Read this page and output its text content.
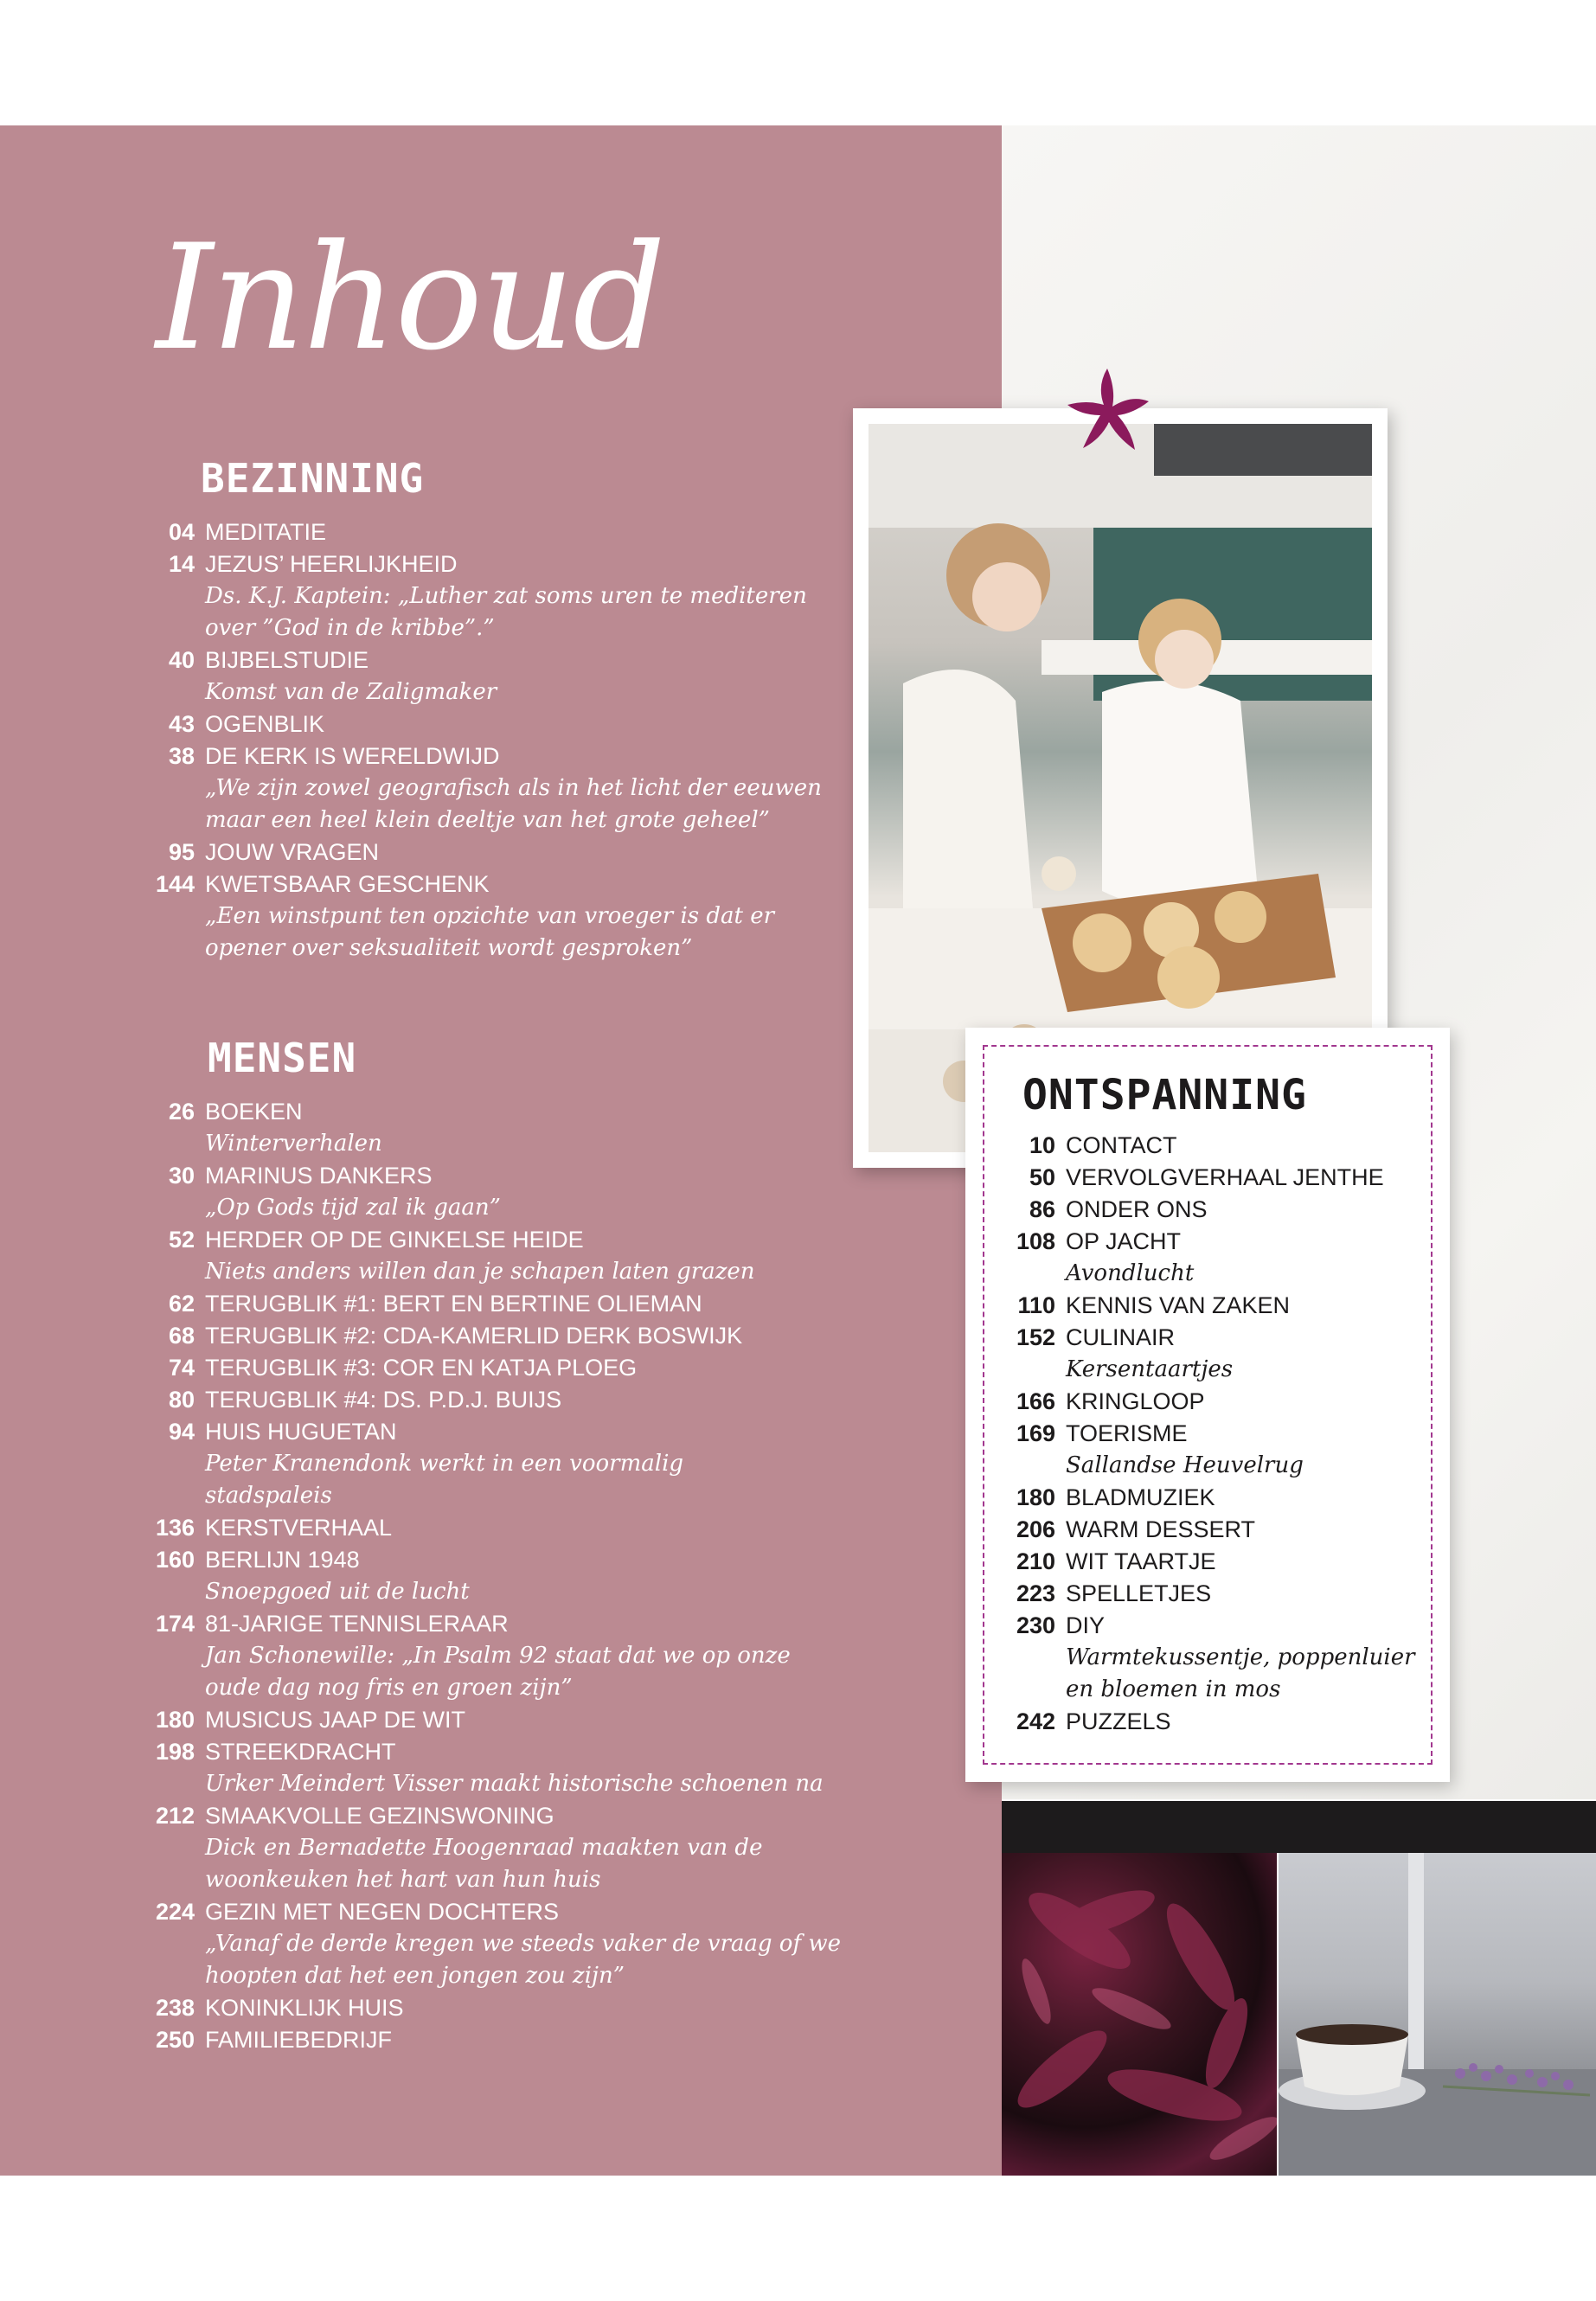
Inhoud
BEZINNING
04 MEDITATIE
14 JEZUS’ HEERLIJKHEID
Ds. K.J. Kaptein: „Luther zat soms uren te mediteren
over ”God in de kribbe”.”
40 BIJBELSTUDIE
Komst van de Zaligmaker
43 OGENBLIK
38 DE KERK IS WERELDWIJD
„We zijn zowel geografisch als in het licht der eeuwen
maar een heel klein deeltje van het grote geheel”
95 JOUW VRAGEN
144 KWETSBAAR GESCHENK
„Een winstpunt ten opzichte van vroeger is dat er
opener over seksualiteit wordt gesproken”
MENSEN
26 BOEKEN
Winterverhalen
30 MARINUS DANKERS
„Op Gods tijd zal ik gaan”
52 HERDER OP DE GINKELSE HEIDE
Niets anders willen dan je schapen laten grazen
62 TERUGBLIK #1: BERT EN BERTINE OLIEMAN
68 TERUGBLIK #2: CDA-KAMERLID DERK BOSWIJK
74 TERUGBLIK #3: COR EN KATJA PLOEG
80 TERUGBLIK #4: DS. P.D.J. BUIJS
94 HUIS HUGUETAN
Peter Kranendonk werkt in een voormalig
stadspaleis
136 KERSTVERHAAL
160 BERLIJN 1948
Snoepgoed uit de lucht
174 81-JARIGE TENNISLERAAR
Jan Schonewille: „In Psalm 92 staat dat we op onze
oude dag nog fris en groen zijn”
180 MUSICUS JAAP DE WIT
198 STREEKDRACHT
Urker Meindert Visser maakt historische schoenen na
212 SMAAKVOLLE GEZINSWONING
Dick en Bernadette Hoogenraad maakten van de
woonkeuken het hart van hun huis
224 GEZIN MET NEGEN DOCHTERS
„Vanaf de derde kregen we steeds vaker de vraag of we
hoopten dat het een jongen zou zijn”
238 KONINKLIJK HUIS
250 FAMILIEBEDRIJF
ONTSPANNING
10 CONTACT
50 VERVOLGVERHAAL JENTHE
86 ONDER ONS
108 OP JACHT
Avondlucht
110 KENNIS VAN ZAKEN
152 CULINAIR
Kersentaartjes
166 KRINGLOOP
169 TOERISME
Sallandse Heuvelrug
180 BLADMUZIEK
206 WARM DESSERT
210 WIT TAARTJE
223 SPELLETJES
230 DIY
Warmtekussentje, poppenluier
en bloemen in mos
242 PUZZELS
